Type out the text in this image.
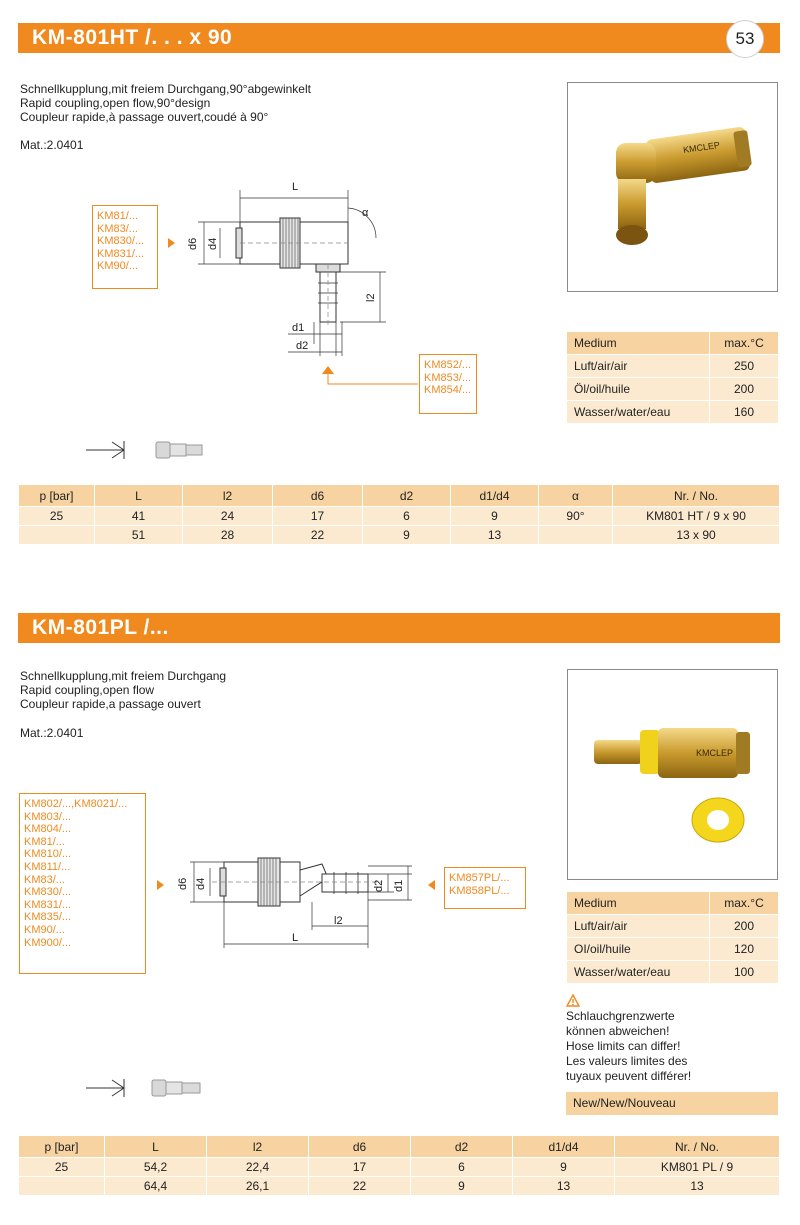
KM-801HT /. . . x 90	53
Schnellkupplung,mit freiem Durchgang,90°abgewinkelt
Rapid coupling,open flow,90°design
Coupleur rapide,à passage ouvert,coudé à 90°
Mat.:2.0401
KM81/...
KM83/...
KM830/...
KM831/...
KM90/...
L
α
d6 d4
l2
d1
d2
KM852/...
KM853/...
KM854/...
KMCLEP
Medium	max.°C
Luft/air/air	250
Öl/oil/huile	200
Wasser/water/eau	160
p [bar]	L	l2	d6	d2	d1/d4	α	Nr. / No.
25	41	24	17	6	9	90°	KM801 HT / 9 x 90
	51	28	22	9	13		13 x 90
KM-801PL /...
Schnellkupplung,mit freiem Durchgang
Rapid coupling,open flow
Coupleur rapide,a passage ouvert
Mat.:2.0401
KM802/...,KM8021/...
KM803/...
KM804/...
KM81/...
KM810/...
KM811/...
KM83/...
KM830/...
KM831/...
KM835/...
KM90/...
KM900/...
d6 d4	d2 d1
l2
L
KM857PL/...
KM858PL/...
KMCLEP
Medium	max.°C
Luft/air/air	200
OI/oil/huile	120
Wasser/water/eau	100
Schlauchgrenzwerte
können abweichen!
Hose limits can differ!
Les valeurs limites des
tuyaux peuvent différer!
New/New/Nouveau
p [bar]	L	l2	d6	d2	d1/d4	Nr. / No.
25	54,2	22,4	17	6	9	KM801 PL / 9
	64,4	26,1	22	9	13	13
